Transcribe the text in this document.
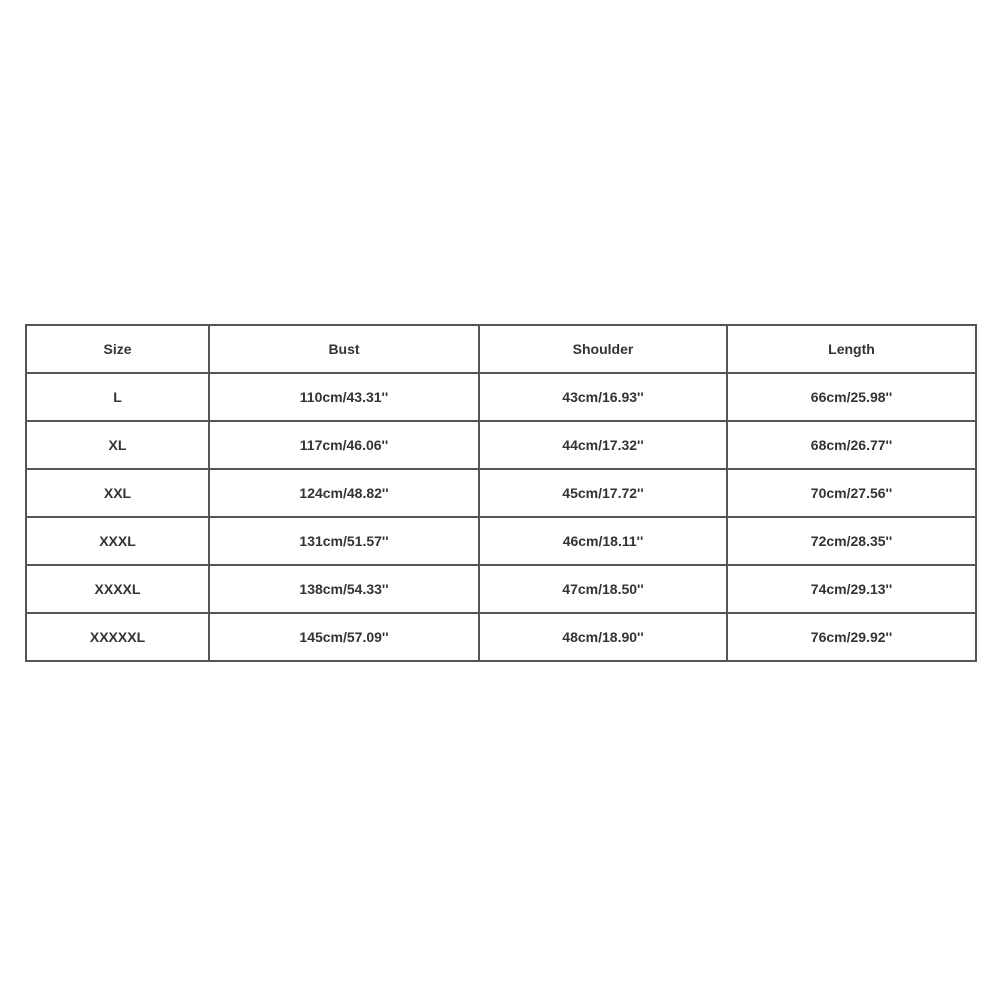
Size	Bust	Shoulder	Length
L	110cm/43.31''	43cm/16.93''	66cm/25.98''
XL	117cm/46.06''	44cm/17.32''	68cm/26.77''
XXL	124cm/48.82''	45cm/17.72''	70cm/27.56''
XXXL	131cm/51.57''	46cm/18.11''	72cm/28.35''
XXXXL	138cm/54.33''	47cm/18.50''	74cm/29.13''
XXXXXL	145cm/57.09''	48cm/18.90''	76cm/29.92''
